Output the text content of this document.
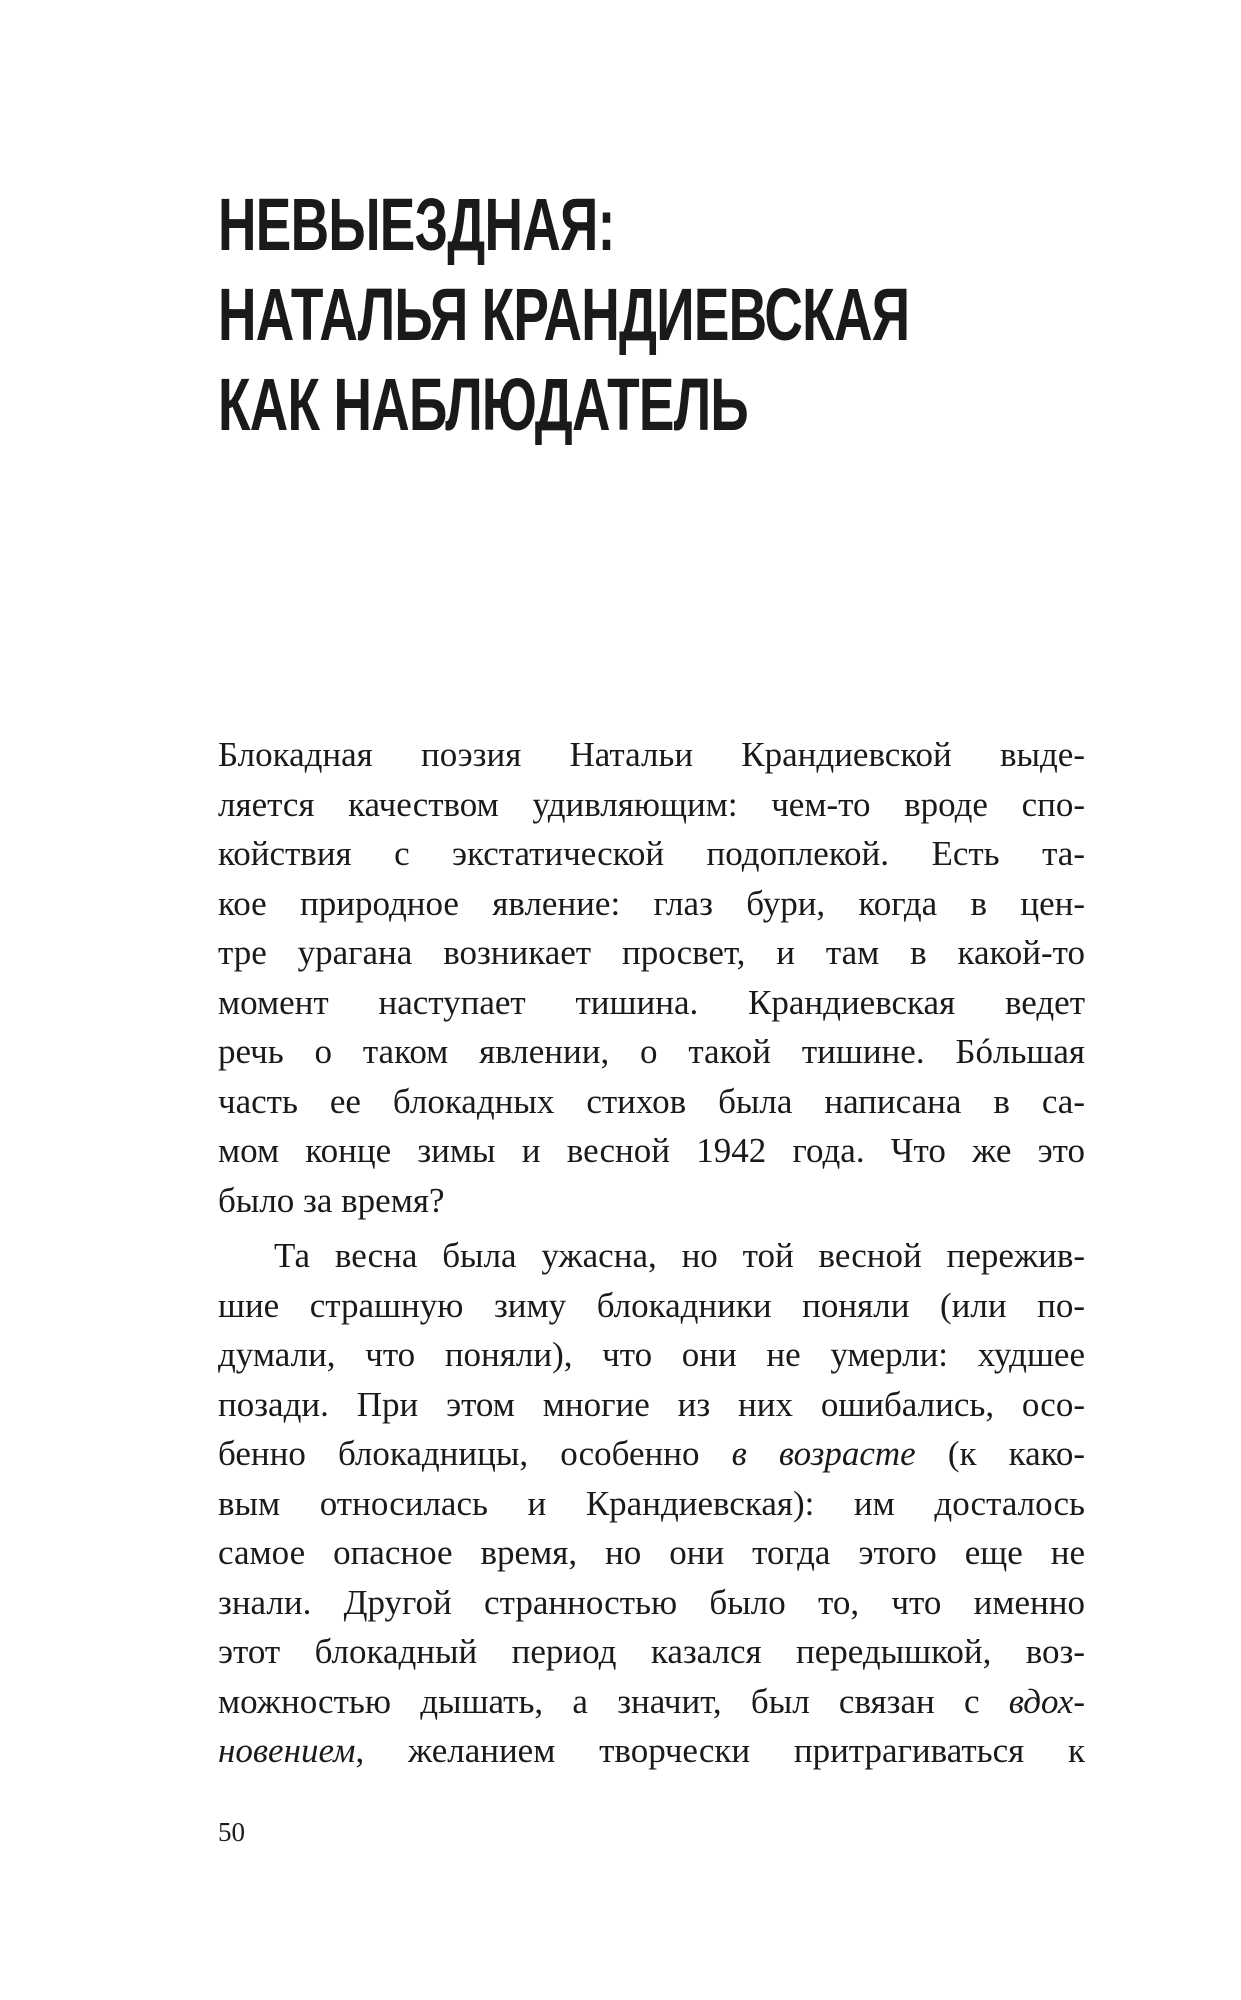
НЕВЫЕЗДНАЯ:
НАТАЛЬЯ КРАНДИЕВСКАЯ
КАК НАБЛЮДАТЕЛЬ
Блокадная поэзия Натальи Крандиевской выде-
ляется качеством удивляющим: чем-то вроде спо-
койствия с экстатической подоплекой. Есть та-
кое природное явление: глаз бури, когда в цен-
тре урагана возникает просвет, и там в какой-то
момент наступает тишина. Крандиевская ведет
речь о таком явлении, о такой тишине. Бóльшая
часть ее блокадных стихов была написана в са-
мом конце зимы и весной 1942 года. Что же это
было за время?
Та весна была ужасна, но той весной пережив-
шие страшную зиму блокадники поняли (или по-
думали, что поняли), что они не умерли: худшее
позади. При этом многие из них ошибались, осо-
бенно блокадницы, особенно в возрасте (к како-
вым относилась и Крандиевская): им досталось
самое опасное время, но они тогда этого еще не
знали. Другой странностью было то, что именно
этот блокадный период казался передышкой, воз-
можностью дышать, а значит, был связан с вдох-
новением, желанием творчески притрагиваться к
50
